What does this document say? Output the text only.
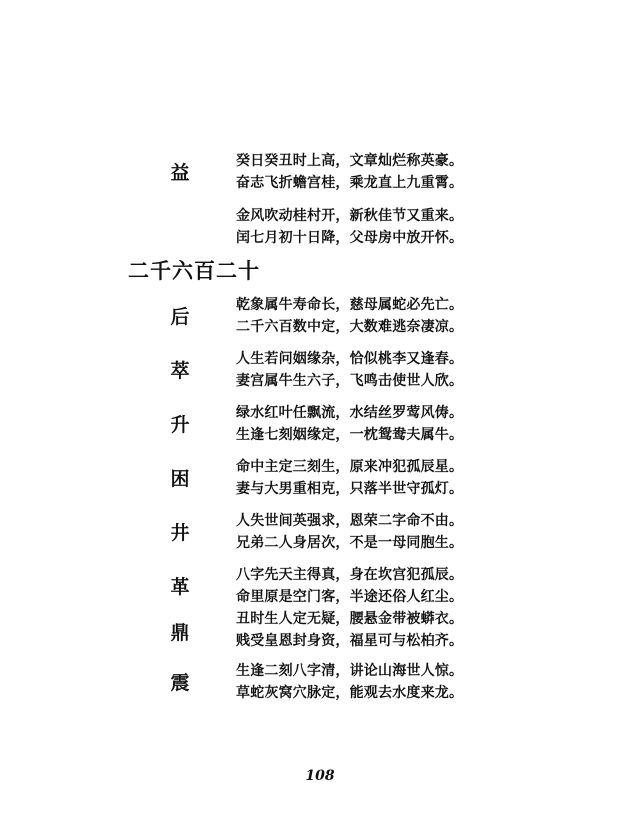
益
癸日癸丑时上高，文章灿烂称英豪。
奋志飞折蟾宫桂，乘龙直上九重霄。
金风吹动桂村开，新秋佳节又重来。
闰七月初十日降，父母房中放开怀。
二千六百二十
后
乾象属牛寿命长，慈母属蛇必先亡。
二千六百数中定，大数难逃奈凄凉。
萃
人生若问姻缘杂，恰似桃李又逢春。
妻宫属牛生六子，飞鸣击使世人欣。
升
绿水红叶任飘流，水结丝罗莺风俦。
生逢七刻姻缘定，一枕鸳鸯夫属牛。
困
命中主定三刻生，原来冲犯孤辰星。
妻与大男重相克，只落半世守孤灯。
井
人失世间英强求，恩荣二字命不由。
兄弟二人身居次，不是一母同胞生。
革
八字先天主得真，身在坎宫犯孤辰。
命里原是空门客，半途还俗人红尘。
鼎
丑时生人定无疑，腰悬金带被蟒衣。
贱受皇恩封身资，福星可与松柏齐。
震
生逢二刻八字清，讲论山海世人惊。
草蛇灰窝穴脉定，能观去水度来龙。
108
